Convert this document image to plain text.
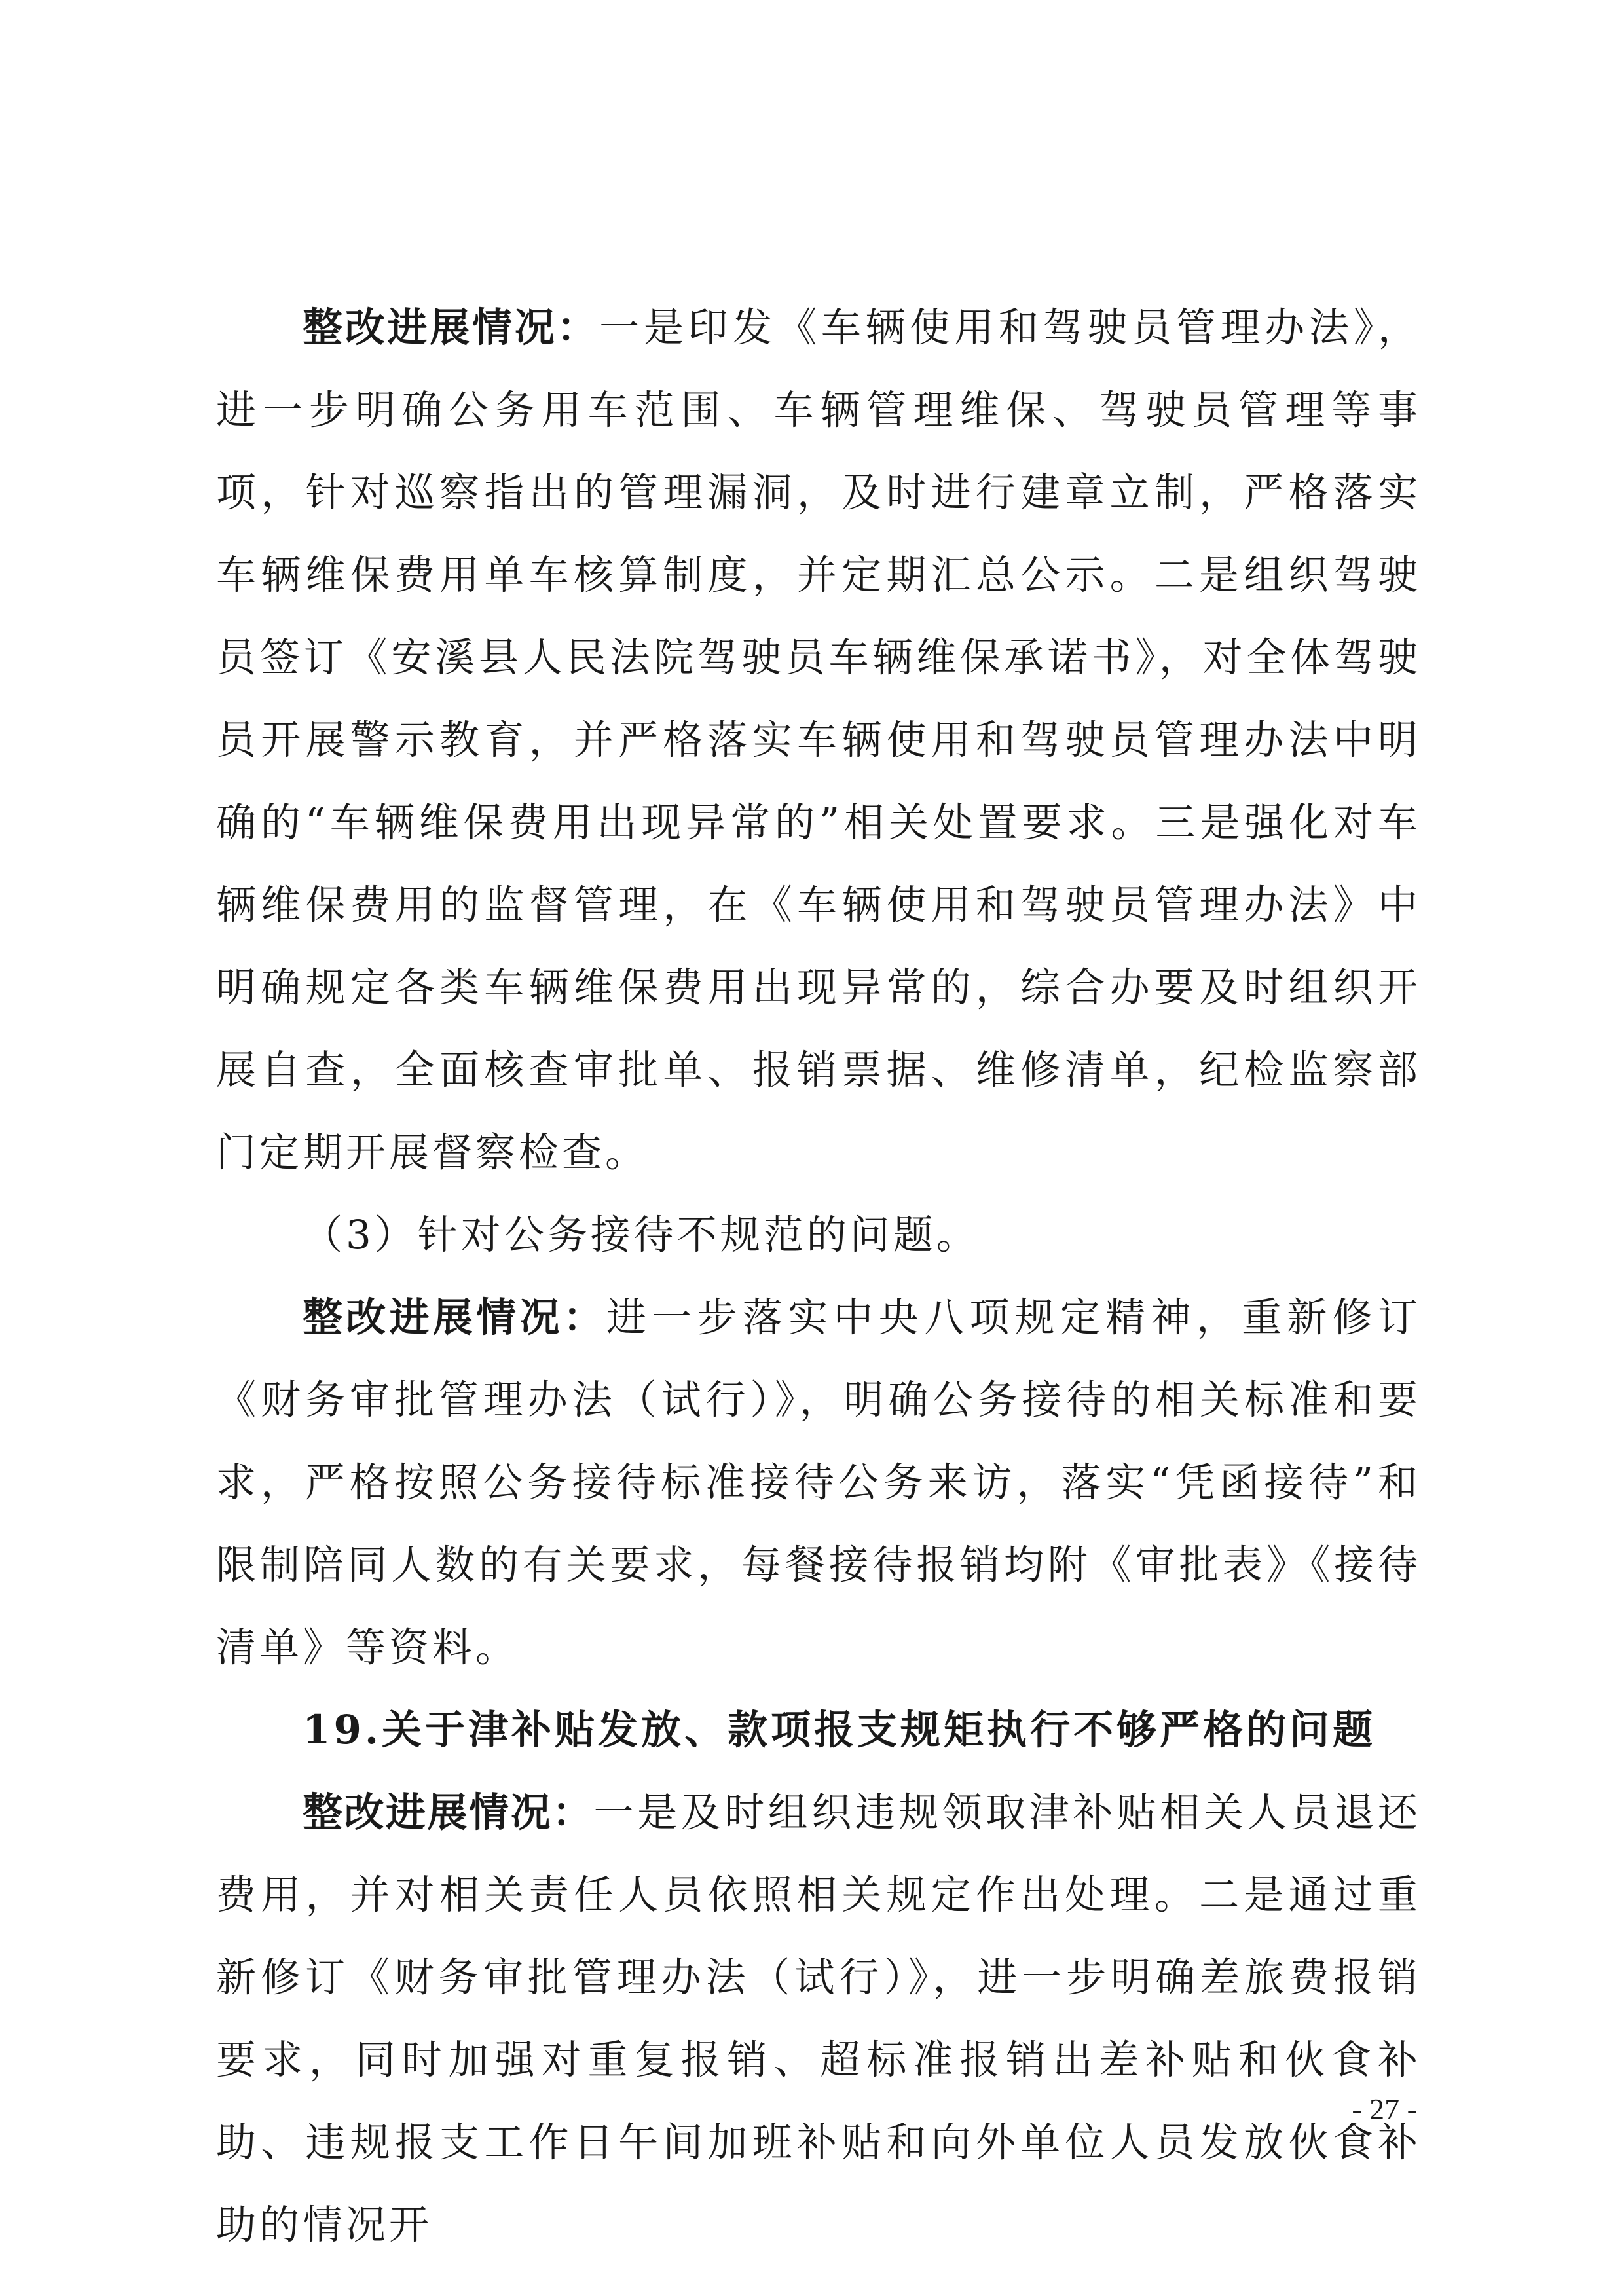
整改进展情况：一是印发《车辆使用和驾驶员管理办法》，进一步明确公务用车范围、车辆管理维保、驾驶员管理等事项，针对巡察指出的管理漏洞，及时进行建章立制，严格落实车辆维保费用单车核算制度，并定期汇总公示。二是组织驾驶员签订《安溪县人民法院驾驶员车辆维保承诺书》，对全体驾驶员开展警示教育，并严格落实车辆使用和驾驶员管理办法中明确的“车辆维保费用出现异常的”相关处置要求。三是强化对车辆维保费用的监督管理，在《车辆使用和驾驶员管理办法》中明确规定各类车辆维保费用出现异常的，综合办要及时组织开展自查，全面核查审批单、报销票据、维修清单，纪检监察部门定期开展督察检查。

（3）针对公务接待不规范的问题。

整改进展情况：进一步落实中央八项规定精神，重新修订《财务审批管理办法（试行）》，明确公务接待的相关标准和要求，严格按照公务接待标准接待公务来访，落实“凭函接待”和限制陪同人数的有关要求，每餐接待报销均附《审批表》《接待清单》等资料。

19.关于津补贴发放、款项报支规矩执行不够严格的问题

整改进展情况：一是及时组织违规领取津补贴相关人员退还费用，并对相关责任人员依照相关规定作出处理。二是通过重新修订《财务审批管理办法（试行）》，进一步明确差旅费报销要求，同时加强对重复报销、超标准报销出差补贴和伙食补助、违规报支工作日午间加班补贴和向外单位人员发放伙食补助的情况开

- 27 -
